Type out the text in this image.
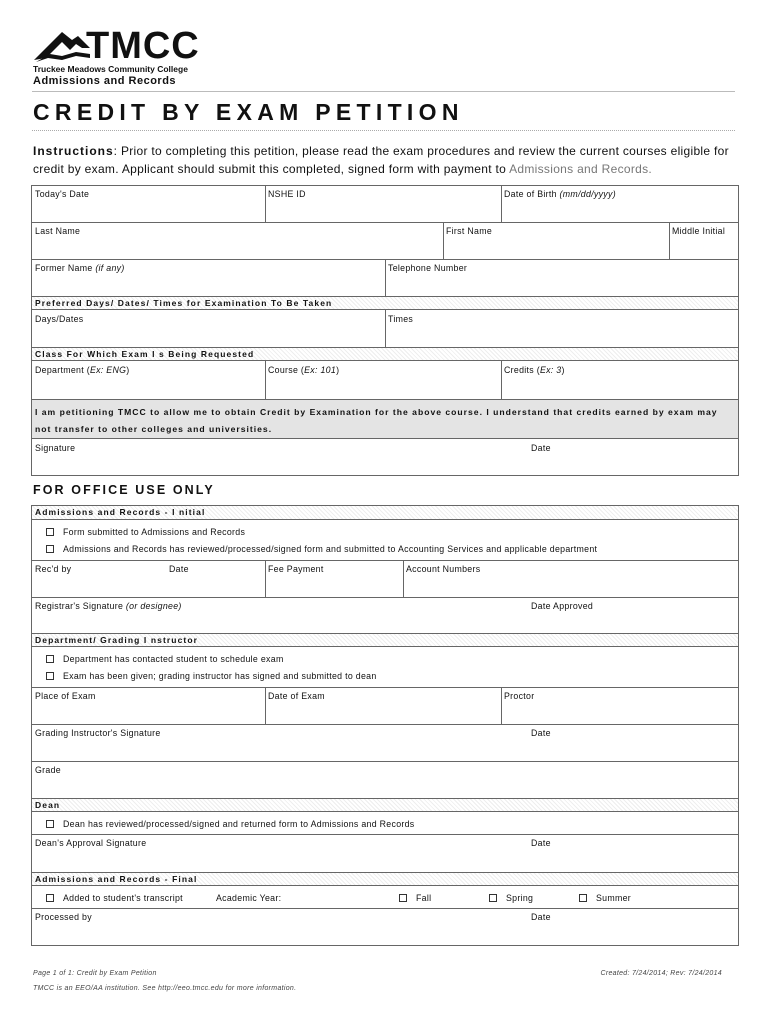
TMCC
Truckee Meadows Community College
Admissions and Records
CREDIT BY EXAM PETITION
Instructions: Prior to completing this petition, please read the exam procedures and review the current courses eligible for credit by exam. Applicant should submit this completed, signed form with payment to Admissions and Records.
Today's Date	NSHE ID	Date of Birth (mm/dd/yyyy)
Last Name	First Name	Middle Initial
Former Name (if any)	Telephone Number
Preferred Days/ Dates/ Times for Examination To Be Taken
Days/Dates	Times
Class For Which Exam I s Being Requested
Department (Ex: ENG)	Course (Ex: 101)	Credits (Ex: 3)
I am petitioning TMCC to allow me to obtain Credit by Examination for the above course. I understand that credits earned by exam may not transfer to other colleges and universities.
Signature	Date
FOR OFFICE USE ONLY
Admissions and Records - I nitial
Form submitted to Admissions and Records
Admissions and Records has reviewed/processed/signed form and submitted to Accounting Services and applicable department
Rec'd by	Date	Fee Payment	Account Numbers
Registrar's Signature (or designee)	Date Approved
Department/ Grading I nstructor
Department has contacted student to schedule exam
Exam has been given; grading instructor has signed and submitted to dean
Place of Exam	Date of Exam	Proctor
Grading Instructor's Signature	Date
Grade
Dean
Dean has reviewed/processed/signed and returned form to Admissions and Records
Dean's Approval Signature	Date
Admissions and Records - Final
Added to student's transcript	Academic Year:	Fall	Spring	Summer
Processed by	Date
Page 1 of 1: Credit by Exam Petition	Created: 7/24/2014; Rev: 7/24/2014
TMCC is an EEO/AA institution. See http://eeo.tmcc.edu for more information.
